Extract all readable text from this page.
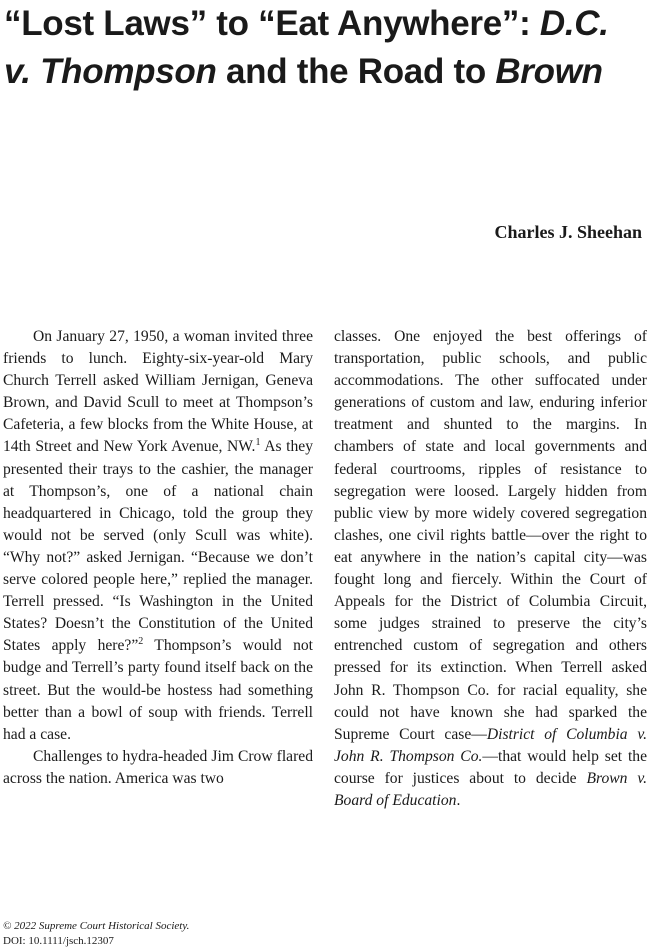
“Lost Laws” to “Eat Anywhere”: D.C. v. Thompson and the Road to Brown
Charles J. Sheehan

On January 27, 1950, a woman invited three friends to lunch. Eighty-six-year-old Mary Church Terrell asked William Jernigan, Geneva Brown, and David Scull to meet at Thompson’s Cafeteria, a few blocks from the White House, at 14th Street and New York Avenue, NW.$^1$ As they presented their trays to the cashier, the manager at Thompson’s, one of a national chain headquartered in Chicago, told the group they would not be served (only Scull was white). “Why not?” asked Jernigan. “Because we don’t serve colored people here,” replied the manager. Terrell pressed. “Is Washington in the United States? Doesn’t the Constitution of the United States apply here?”$^2$ Thompson’s would not budge and Terrell’s party found itself back on the street. But the would-be hostess had something better than a bowl of soup with friends. Terrell had a case.

Challenges to hydra-headed Jim Crow flared across the nation. America was two

classes. One enjoyed the best offerings of transportation, public schools, and public accommodations. The other suffocated under generations of custom and law, enduring inferior treatment and shunted to the margins. In chambers of state and local governments and federal courtrooms, ripples of resistance to segregation were loosed. Largely hidden from public view by more widely covered segregation clashes, one civil rights battle—over the right to eat anywhere in the nation’s capital city—was fought long and fiercely. Within the Court of Appeals for the District of Columbia Circuit, some judges strained to preserve the city’s entrenched custom of segregation and others pressed for its extinction. When Terrell asked John R. Thompson Co. for racial equality, she could not have known she had sparked the Supreme Court case—District of Columbia v. John R. Thompson Co.—that would help set the course for justices about to decide Brown v. Board of Education.

© 2022 Supreme Court Historical Society.
DOI: 10.1111/jsch.12307
